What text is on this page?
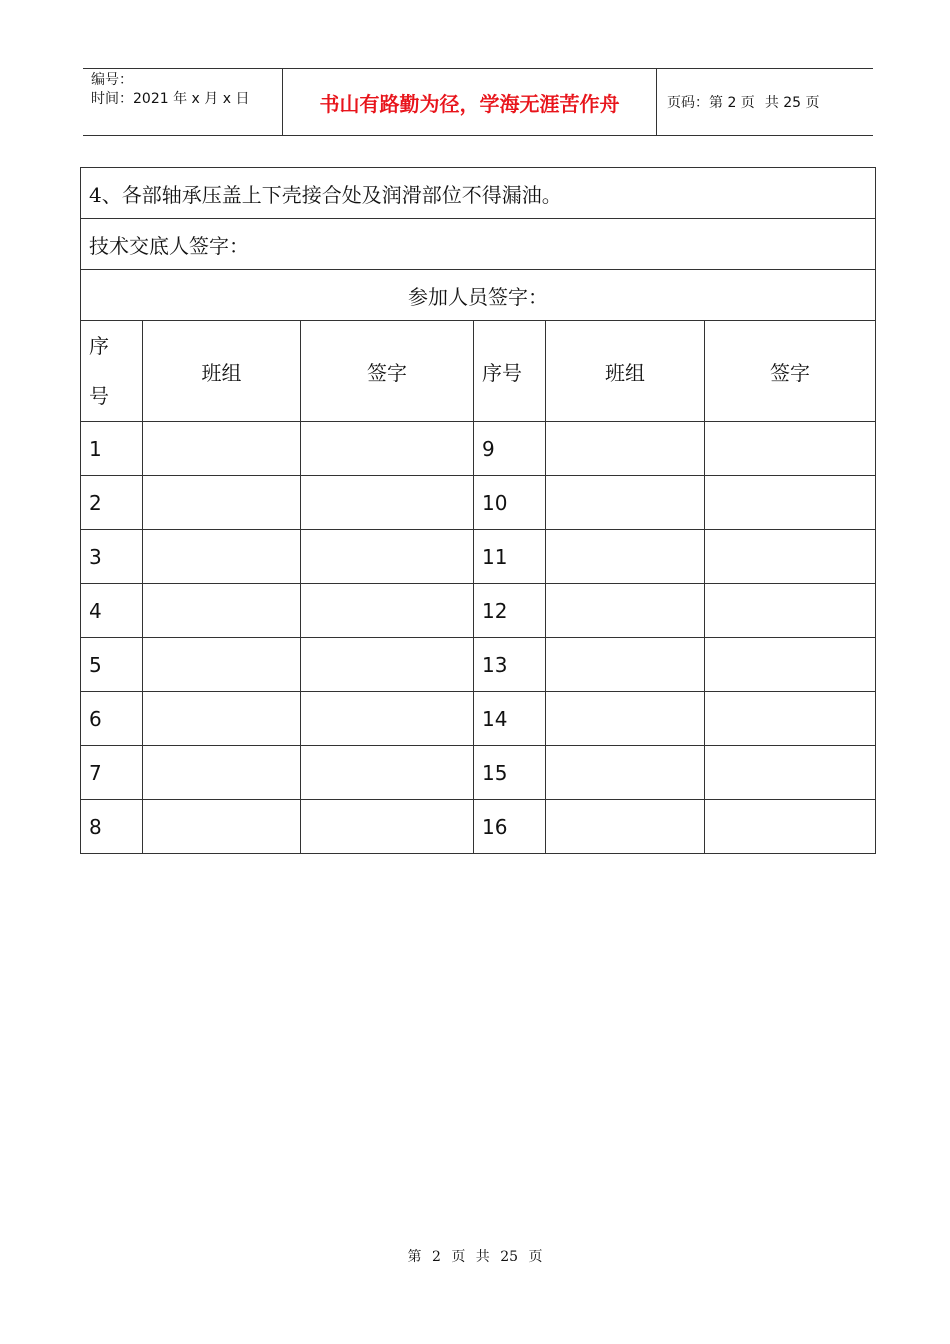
编号：
时间：2021 年 x 月 x 日	书山有路勤为径，学海无涯苦作舟	页码：第 2 页 共 25 页
4、各部轴承压盖上下壳接合处及润滑部位不得漏油。					
技术交底人签字：					
参加人员签字：					

序
号	班组	签字	序号	班组	签字
1			9		
2			10		
3			11		
4			12		
5			13		
6			14		
7			15		
8			16		
第 2 页 共 25 页
